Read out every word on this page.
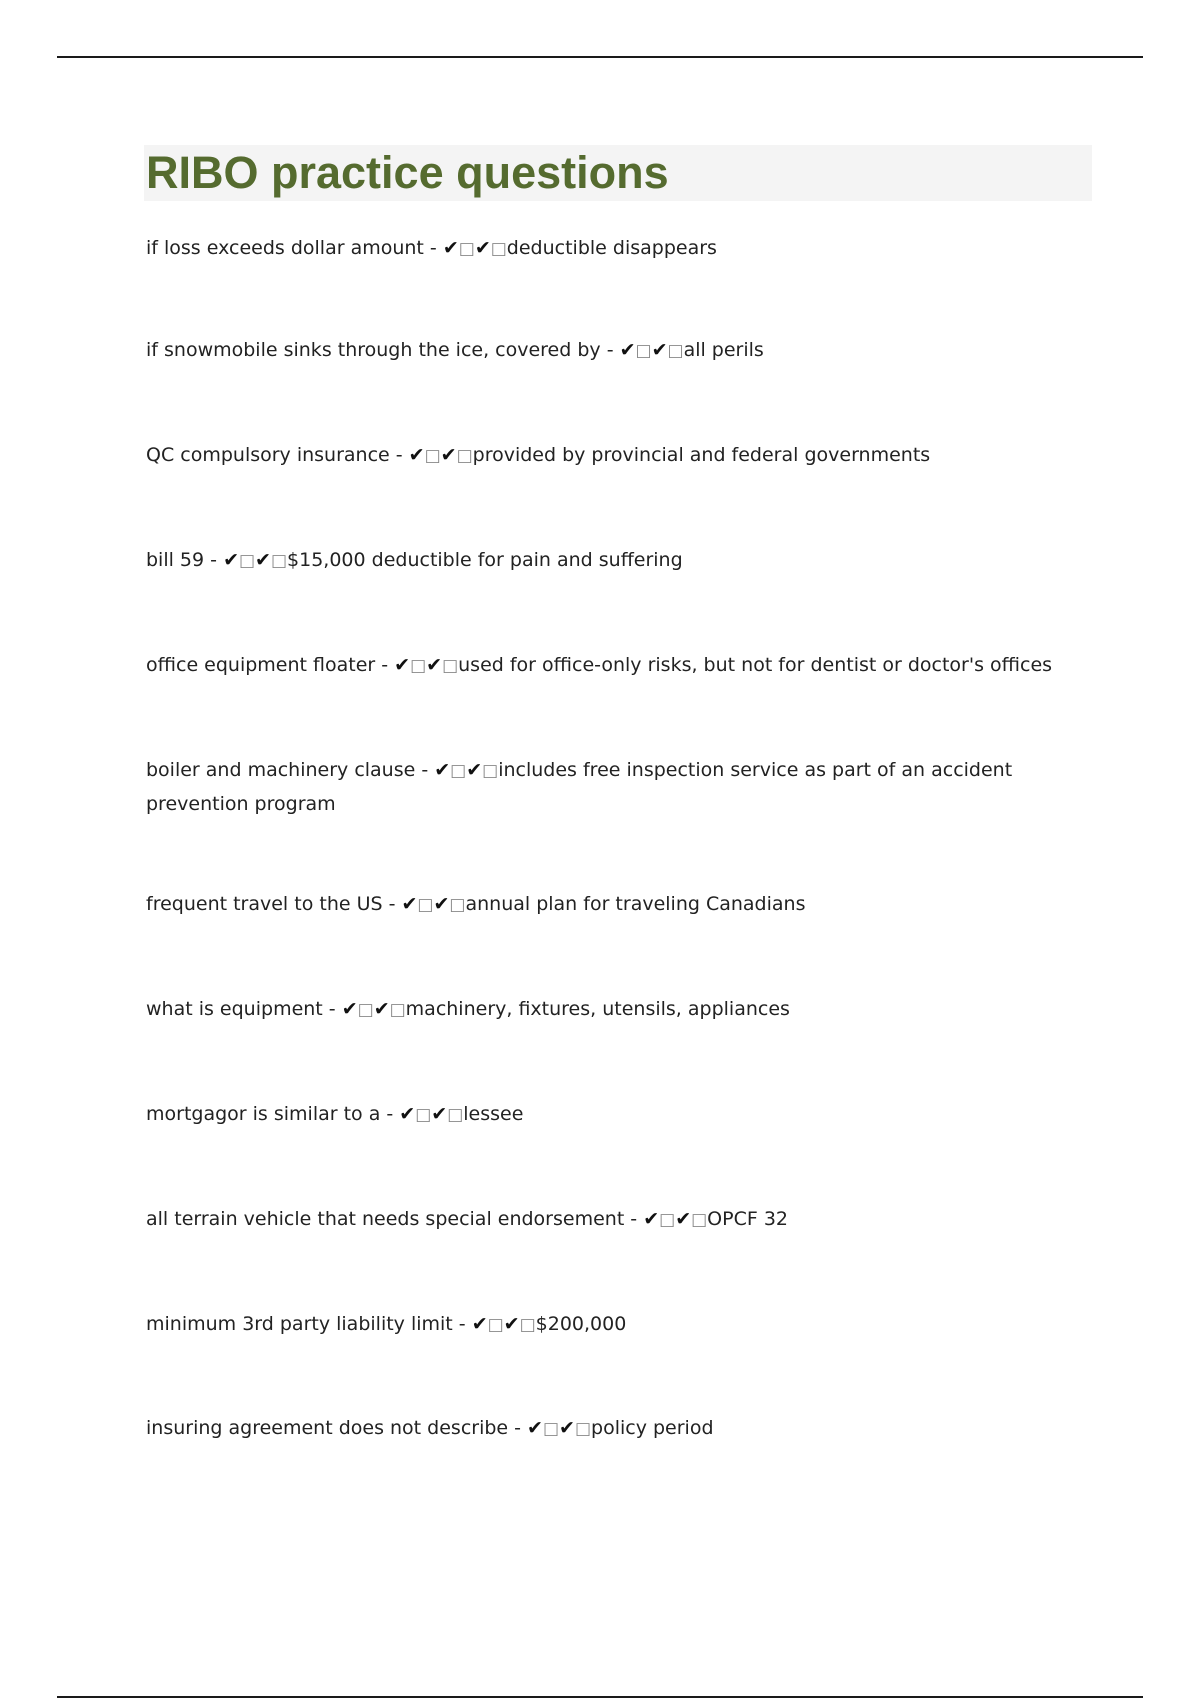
RIBO practice questions

if loss exceeds dollar amount - ✔□✔□deductible disappears

if snowmobile sinks through the ice, covered by - ✔□✔□all perils

QC compulsory insurance - ✔□✔□provided by provincial and federal governments

bill 59 - ✔□✔□$15,000 deductible for pain and suffering

office equipment floater - ✔□✔□used for office-only risks, but not for dentist or doctor's offices

boiler and machinery clause - ✔□✔□includes free inspection service as part of an accident prevention program

frequent travel to the US - ✔□✔□annual plan for traveling Canadians

what is equipment - ✔□✔□machinery, fixtures, utensils, appliances

mortgagor is similar to a - ✔□✔□lessee

all terrain vehicle that needs special endorsement - ✔□✔□OPCF 32

minimum 3rd party liability limit - ✔□✔□$200,000

insuring agreement does not describe - ✔□✔□policy period
